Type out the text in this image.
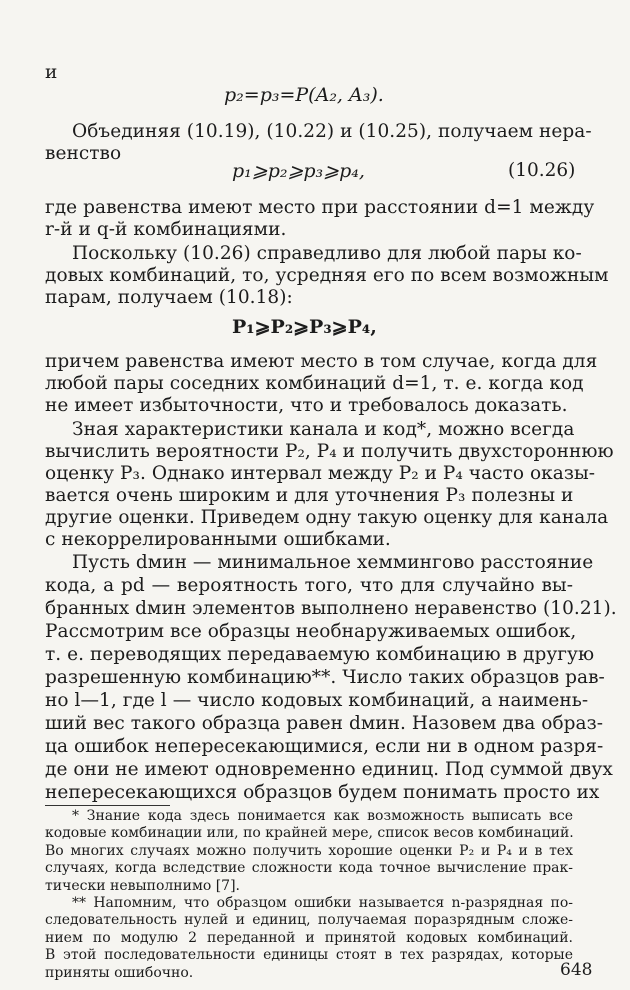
и
p₂=p₃=P(A₂, A₃).
Объединяя (10.19), (10.22) и (10.25), получаем нера-
венство
p₁⩾p₂⩾p₃⩾p₄,	(10.26)
где равенства имеют место при расстоянии d=1 между
r-й и q-й комбинациями.
Поскольку (10.26) справедливо для любой пары ко-
довых комбинаций, то, усредняя его по всем возможным
парам, получаем (10.18):
P₁⩾P₂⩾P₃⩾P₄,
причем равенства имеют место в том случае, когда для
любой пары соседних комбинаций d=1, т. е. когда код
не имеет избыточности, что и требовалось доказать.
Зная характеристики канала и код*, можно всегда
вычислить вероятности P₂, P₄ и получить двухстороннюю
оценку P₃. Однако интервал между P₂ и P₄ часто оказы-
вается очень широким и для уточнения P₃ полезны и
другие оценки. Приведем одну такую оценку для канала
с некоррелированными ошибками.
Пусть dмин — минимальное хеммингово расстояние
кода, а pd — вероятность того, что для случайно вы-
бранных dмин элементов выполнено неравенство (10.21).
Рассмотрим все образцы необнаруживаемых ошибок,
т. е. переводящих передаваемую комбинацию в другую
разрешенную комбинацию**. Число таких образцов рав-
но l—1, где l — число кодовых комбинаций, а наимень-
ший вес такого образца равен dмин. Назовем два образ-
ца ошибок непересекающимися, если ни в одном разря-
де они не имеют одновременно единиц. Под суммой двух
непересекающихся образцов будем понимать просто их
* Знание кода здесь понимается как возможность выписать все
кодовые комбинации или, по крайней мере, список весов комбинаций.
Во многих случаях можно получить хорошие оценки P₂ и P₄ и в тех
случаях, когда вследствие сложности кода точное вычисление прак-
тически невыполнимо [7].
** Напомним, что образцом ошибки называется n-разрядная по-
следовательность нулей и единиц, получаемая поразрядным сложе-
нием по модулю 2 переданной и принятой кодовых комбинаций.
В этой последовательности единицы стоят в тех разрядах, которые
648
приняты ошибочно.
